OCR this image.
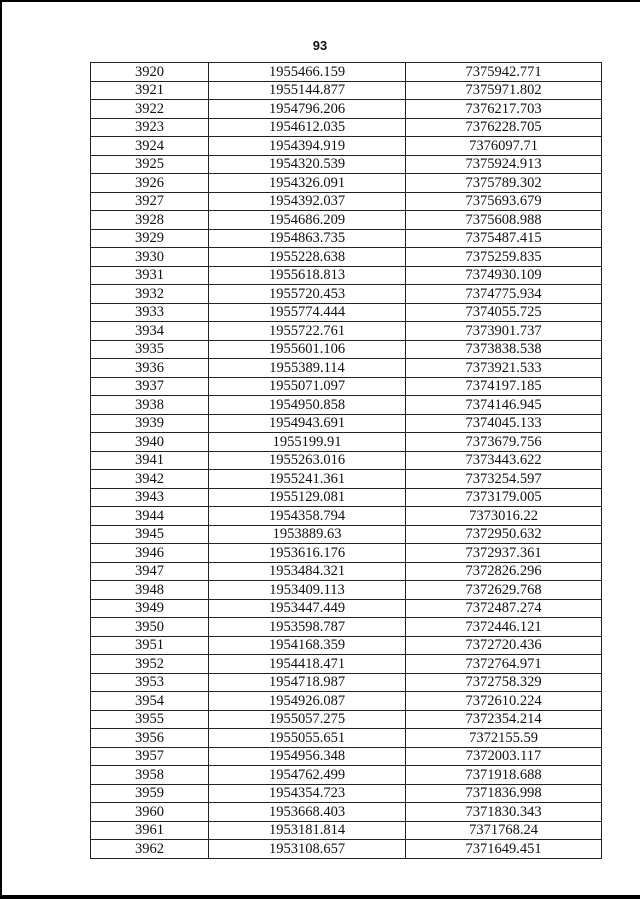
93
3920	1955466.159	7375942.771
3921	1955144.877	7375971.802
3922	1954796.206	7376217.703
3923	1954612.035	7376228.705
3924	1954394.919	7376097.71
3925	1954320.539	7375924.913
3926	1954326.091	7375789.302
3927	1954392.037	7375693.679
3928	1954686.209	7375608.988
3929	1954863.735	7375487.415
3930	1955228.638	7375259.835
3931	1955618.813	7374930.109
3932	1955720.453	7374775.934
3933	1955774.444	7374055.725
3934	1955722.761	7373901.737
3935	1955601.106	7373838.538
3936	1955389.114	7373921.533
3937	1955071.097	7374197.185
3938	1954950.858	7374146.945
3939	1954943.691	7374045.133
3940	1955199.91	7373679.756
3941	1955263.016	7373443.622
3942	1955241.361	7373254.597
3943	1955129.081	7373179.005
3944	1954358.794	7373016.22
3945	1953889.63	7372950.632
3946	1953616.176	7372937.361
3947	1953484.321	7372826.296
3948	1953409.113	7372629.768
3949	1953447.449	7372487.274
3950	1953598.787	7372446.121
3951	1954168.359	7372720.436
3952	1954418.471	7372764.971
3953	1954718.987	7372758.329
3954	1954926.087	7372610.224
3955	1955057.275	7372354.214
3956	1955055.651	7372155.59
3957	1954956.348	7372003.117
3958	1954762.499	7371918.688
3959	1954354.723	7371836.998
3960	1953668.403	7371830.343
3961	1953181.814	7371768.24
3962	1953108.657	7371649.451
